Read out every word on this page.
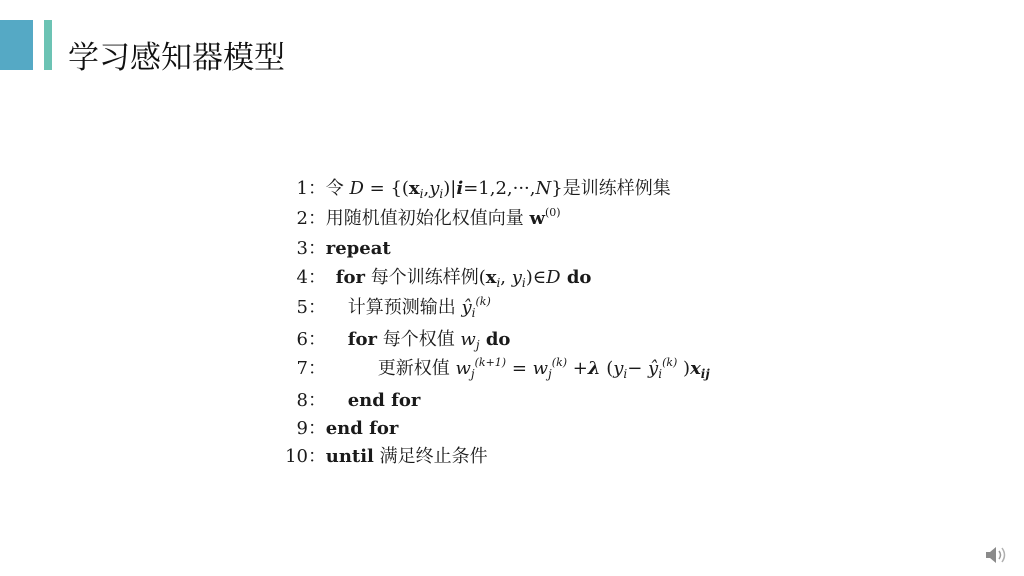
学习感知器模型
1： 令 $D = \{(x_i,y_i)|i=1,2,\cdot\cdot\cdot,N\}$是训练样例集
2： 用随机值初始化权值向量 $w^{(0)}$
3： repeat
4： for 每个训练样例($x_i$, $y_i)\in D$ do
5： 计算预测输出 $ŷ_i^{(k)}$
6： for 每个权值 $w_j$ do
7：	更新权值 $w_j^{(k+1)} = w_j^{(k)} +\lambda$ ($y_i-$ $ŷ_i^{(k)}$ )$x_{ij}$
8： end for
9： end for
10： until 满足终止条件
